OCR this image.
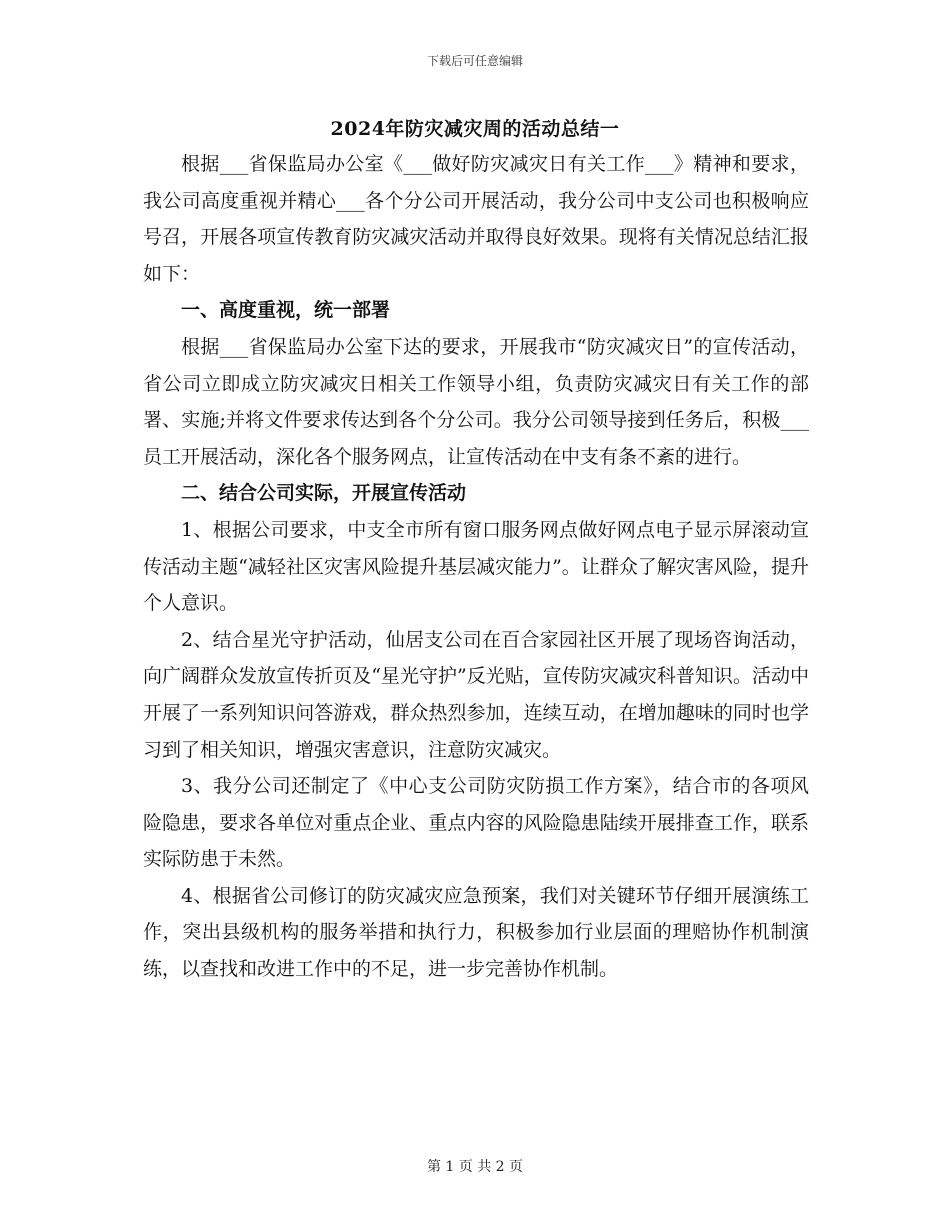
下载后可任意编辑
2024年防灾减灾周的活动总结一

根据___省保监局办公室《___做好防灾减灾日有关工作___》精神和要求，我公司高度重视并精心___各个分公司开展活动，我分公司中支公司也积极响应号召，开展各项宣传教育防灾减灾活动并取得良好效果。现将有关情况总结汇报如下：

一、高度重视，统一部署

根据___省保监局办公室下达的要求，开展我市“防灾减灾日”的宣传活动，省公司立即成立防灾减灾日相关工作领导小组，负责防灾减灾日有关工作的部署、实施;并将文件要求传达到各个分公司。我分公司领导接到任务后，积极___员工开展活动，深化各个服务网点，让宣传活动在中支有条不紊的进行。

二、结合公司实际，开展宣传活动

1、根据公司要求，中支全市所有窗口服务网点做好网点电子显示屏滚动宣传活动主题“减轻社区灾害风险提升基层减灾能力”。让群众了解灾害风险，提升个人意识。

2、结合星光守护活动，仙居支公司在百合家园社区开展了现场咨询活动，向广阔群众发放宣传折页及“星光守护”反光贴，宣传防灾减灾科普知识。活动中开展了一系列知识问答游戏，群众热烈参加，连续互动，在增加趣味的同时也学习到了相关知识，增强灾害意识，注意防灾减灾。

3、我分公司还制定了《中心支公司防灾防损工作方案》，结合市的各项风险隐患，要求各单位对重点企业、重点内容的风险隐患陆续开展排查工作，联系实际防患于未然。

4、根据省公司修订的防灾减灾应急预案，我们对关键环节仔细开展演练工作，突出县级机构的服务举措和执行力，积极参加行业层面的理赔协作机制演练，以查找和改进工作中的不足，进一步完善协作机制。

第 1 页 共 2 页
